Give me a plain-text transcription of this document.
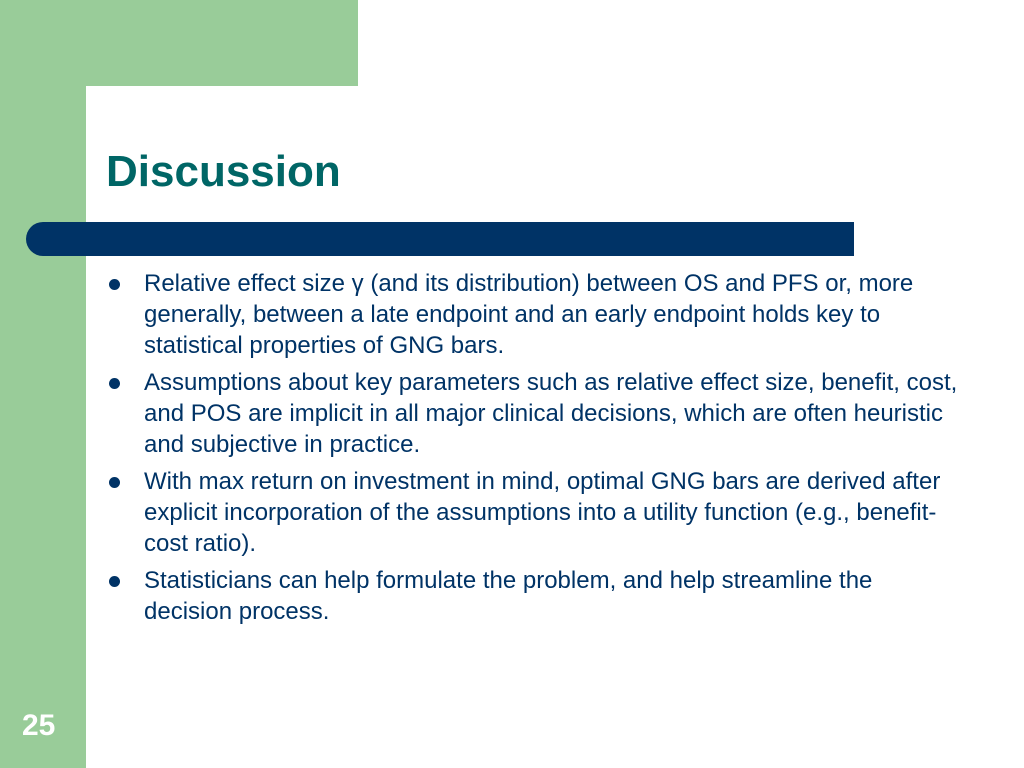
Discussion
Relative effect size γ (and its distribution) between OS and PFS or, more generally, between a late endpoint and an early endpoint holds key to statistical properties of GNG bars.
Assumptions about key parameters such as relative effect size, benefit, cost, and POS are implicit in all major clinical decisions, which are often heuristic and subjective in practice.
With max return on investment in mind, optimal GNG bars are derived after explicit incorporation of the assumptions into a utility function (e.g., benefit-cost ratio).
Statisticians can help formulate the problem, and help streamline the decision process.
25
